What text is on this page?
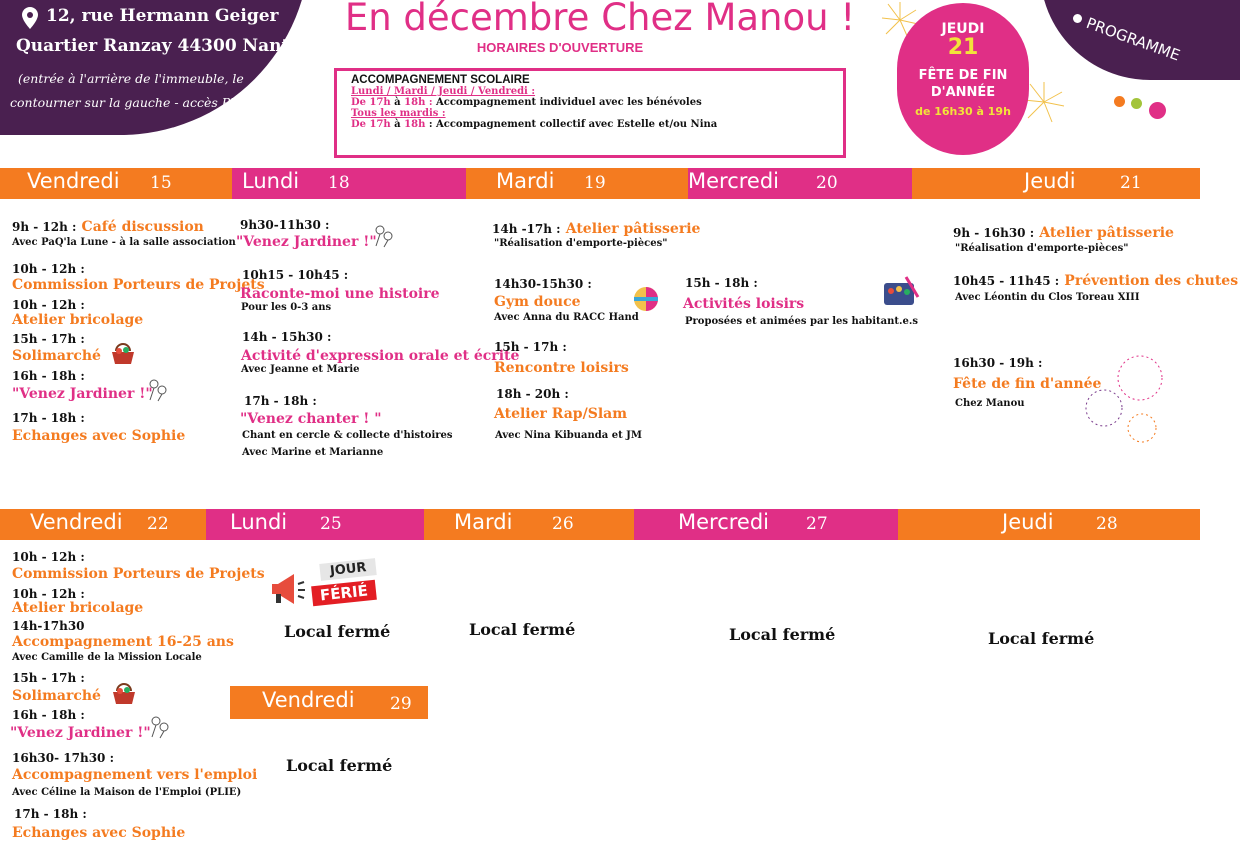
12, rue Hermann Geiger
Quartier Ranzay 44300 Nantes
(entrée à l'arrière de l'immeuble, le
contourner sur la gauche - accès PMR)
En décembre Chez Manou !
HORAIRES D'OUVERTURE
ACCOMPAGNEMENT SCOLAIRE
Lundi / Mardi / Jeudi / Vendredi :
De 17h à 18h : Accompagnement individuel avec les bénévoles
Tous les mardis :
De 17h à 18h : Accompagnement collectif avec Estelle et/ou Nina
JEUDI
21
FÊTE DE FIN
D'ANNÉE
de 16h30 à 19h
PROGRAMME
Vendredi 15	Lundi 18	Mardi 19	Mercredi 20	Jeudi	21
9h - 12h : Café discussion
Avec PaQ'la Lune - à la salle association
10h - 12h :
Commission Porteurs de Projets
10h - 12h :
Atelier bricolage
15h - 17h :
Solimarché
16h - 18h :
"Venez Jardiner !"
17h - 18h :
Echanges avec Sophie
9h30-11h30 :
"Venez Jardiner !"
10h15 - 10h45 :
Raconte-moi une histoire
Pour les 0-3 ans
14h - 15h30 :
Activité d'expression orale et écrite
Avec Jeanne et Marie
17h - 18h :
"Venez chanter ! "
Chant en cercle & collecte d'histoires
Avec Marine et Marianne
14h -17h : Atelier pâtisserie
"Réalisation d'emporte-pièces"
14h30-15h30 :
Gym douce
Avec Anna du RACC Hand
15h - 17h :
Rencontre loisirs
18h - 20h :
Atelier Rap/Slam
Avec Nina Kibuanda et JM
15h - 18h :
Activités loisirs
Proposées et animées par les habitant.e.s
9h - 16h30 : Atelier pâtisserie
"Réalisation d'emporte-pièces"
10h45 - 11h45 : Prévention des chutes
Avec Léontin du Clos Toreau XIII
16h30 - 19h :
Fête de fin d'année
Chez Manou
Vendredi 22	Lundi 25	Mardi 26	Mercredi 27	Jeudi 28
10h - 12h :
Commission Porteurs de Projets
10h - 12h :
Atelier bricolage
14h-17h30
Accompagnement 16-25 ans
Avec Camille de la Mission Locale
15h - 17h :
Solimarché
16h - 18h :
"Venez Jardiner !"
16h30- 17h30 :
Accompagnement vers l'emploi
Avec Céline la Maison de l'Emploi (PLIE)
17h - 18h :
Echanges avec Sophie
JOUR
FÉRIÉ
Local fermé	Local fermé	Local fermé	Local fermé
Vendredi 29
Local fermé
